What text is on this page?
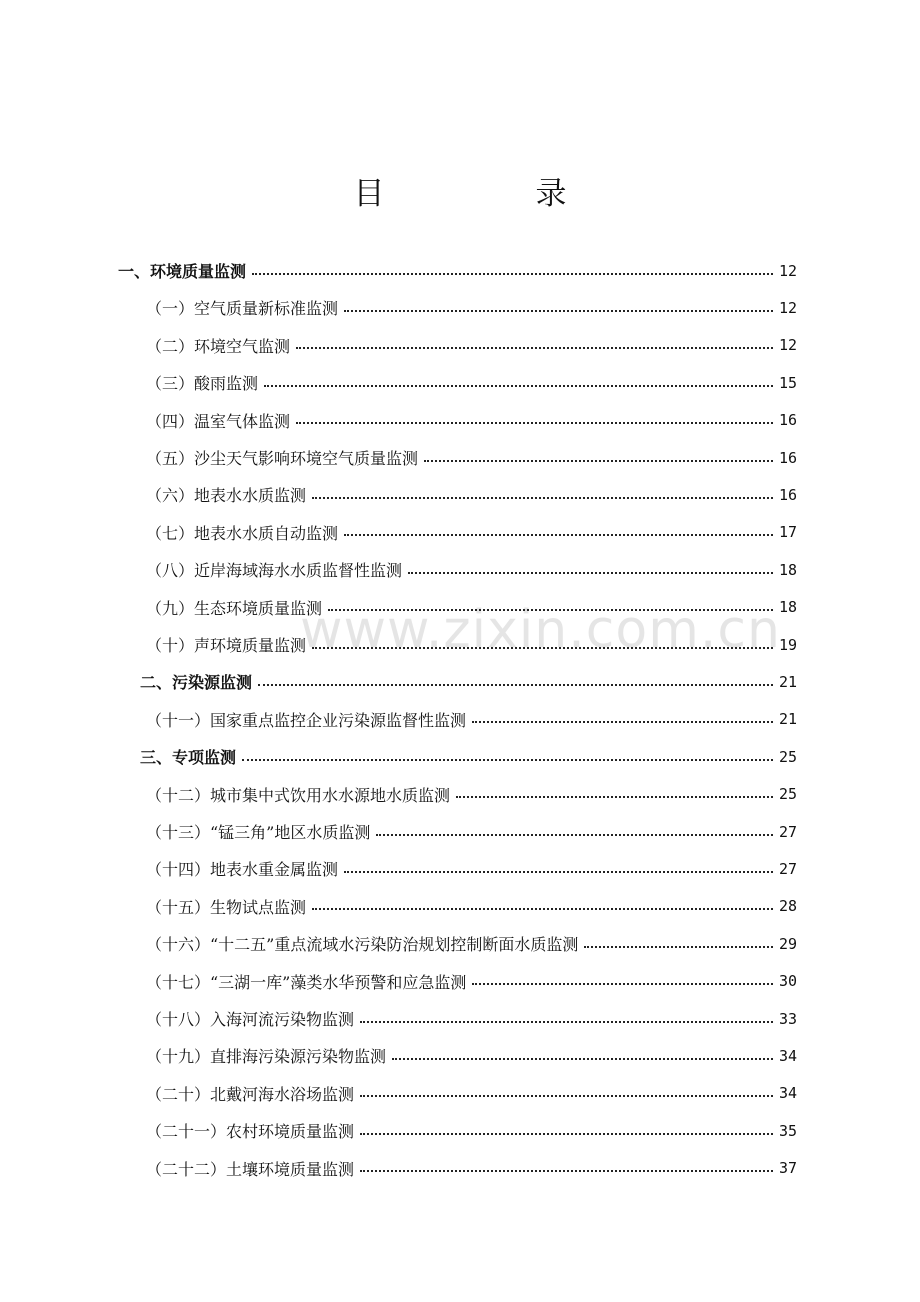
目　录
www.zixin.com.cn
一、环境质量监测	12
（一）空气质量新标准监测	12
（二）环境空气监测	12
（三）酸雨监测	15
（四）温室气体监测	16
（五）沙尘天气影响环境空气质量监测	16
（六）地表水水质监测	16
（七）地表水水质自动监测	17
（八）近岸海域海水水质监督性监测	18
（九）生态环境质量监测	18
（十）声环境质量监测	19
二、污染源监测	21
（十一）国家重点监控企业污染源监督性监测	21
三、专项监测	25
（十二）城市集中式饮用水水源地水质监测	25
（十三）“锰三角”地区水质监测	27
（十四）地表水重金属监测	27
（十五）生物试点监测	28
（十六）“十二五”重点流域水污染防治规划控制断面水质监测	29
（十七）“三湖一库”藻类水华预警和应急监测	30
（十八）入海河流污染物监测	33
（十九）直排海污染源污染物监测	34
（二十）北戴河海水浴场监测	34
（二十一）农村环境质量监测	35
（二十二）土壤环境质量监测	37
